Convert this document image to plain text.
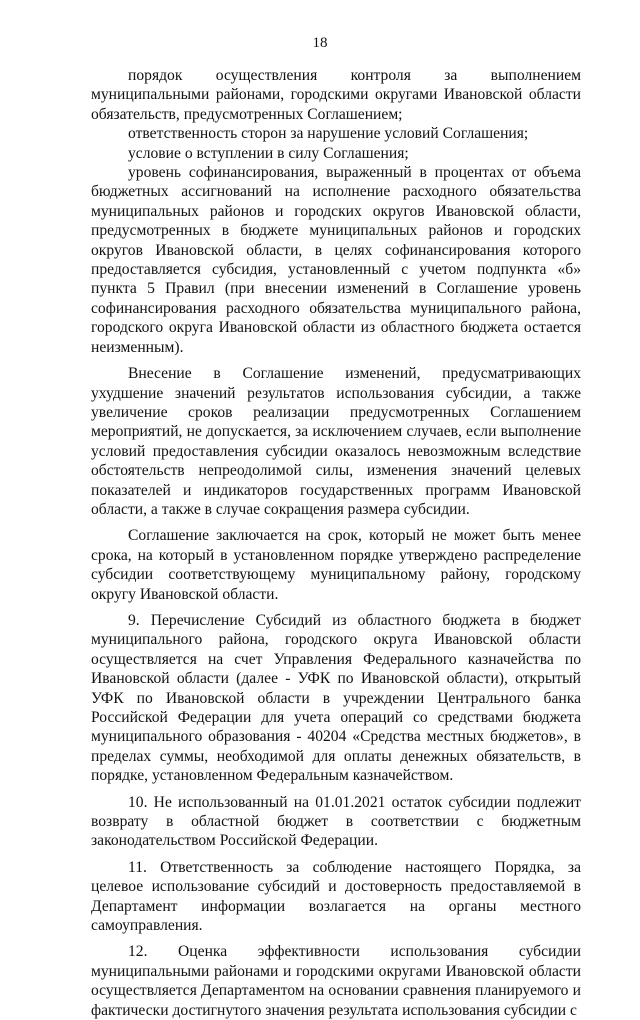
18

порядок осуществления контроля за выполнением муниципальными районами, городскими округами Ивановской области обязательств, предусмотренных Соглашением;

ответственность сторон за нарушение условий Соглашения;

условие о вступлении в силу Соглашения;

уровень софинансирования, выраженный в процентах от объема бюджетных ассигнований на исполнение расходного обязательства муниципальных районов и городских округов Ивановской области, предусмотренных в бюджете муниципальных районов и городских округов Ивановской области, в целях софинансирования которого предоставляется субсидия, установленный с учетом подпункта «б» пункта 5 Правил (при внесении изменений в Соглашение уровень софинансирования расходного обязательства муниципального района, городского округа Ивановской области из областного бюджета остается неизменным).

Внесение в Соглашение изменений, предусматривающих ухудшение значений результатов использования субсидии, а также увеличение сроков реализации предусмотренных Соглашением мероприятий, не допускается, за исключением случаев, если выполнение условий предоставления субсидии оказалось невозможным вследствие обстоятельств непреодолимой силы, изменения значений целевых показателей и индикаторов государственных программ Ивановской области, а также в случае сокращения размера субсидии.

Соглашение заключается на срок, который не может быть менее срока, на который в установленном порядке утверждено распределение субсидии соответствующему муниципальному району, городскому округу Ивановской области.

9. Перечисление Субсидий из областного бюджета в бюджет муниципального района, городского округа Ивановской области осуществляется на счет Управления Федерального казначейства по Ивановской области (далее - УФК по Ивановской области), открытый УФК по Ивановской области в учреждении Центрального банка Российской Федерации для учета операций со средствами бюджета муниципального образования - 40204 «Средства местных бюджетов», в пределах суммы, необходимой для оплаты денежных обязательств, в порядке, установленном Федеральным казначейством.

10. Не использованный на 01.01.2021 остаток субсидии подлежит возврату в областной бюджет в соответствии с бюджетным законодательством Российской Федерации.

11. Ответственность за соблюдение настоящего Порядка, за целевое использование субсидий и достоверность предоставляемой в Департамент информации возлагается на органы местного самоуправления.

12. Оценка эффективности использования субсидии муниципальными районами и городскими округами Ивановской области осуществляется Департаментом на основании сравнения планируемого и фактически достигнутого значения результата использования субсидии с
